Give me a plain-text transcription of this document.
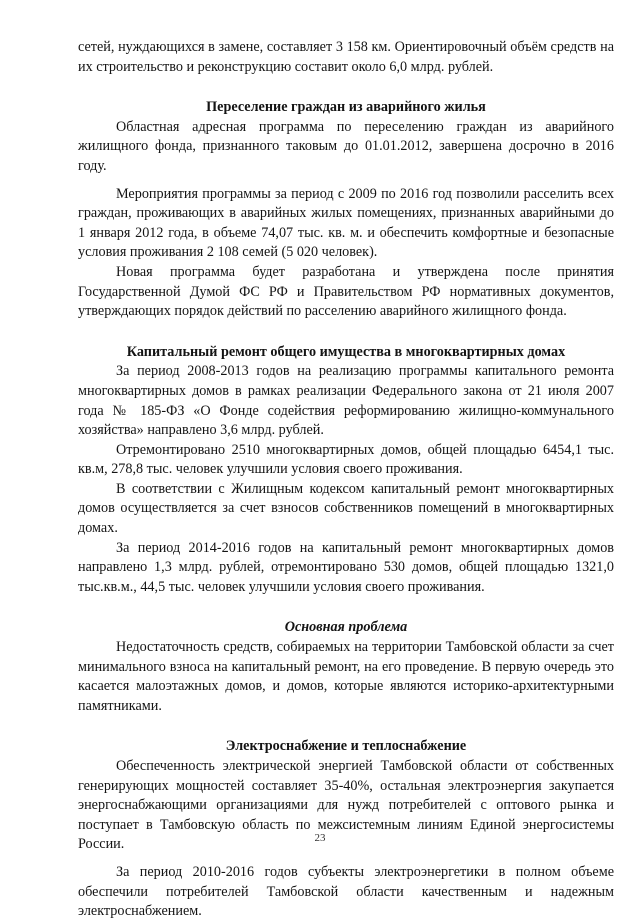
сетей, нуждающихся в замене, составляет 3 158 км. Ориентировочный объём средств на их строительство и реконструкцию составит около 6,0 млрд. рублей.

Переселение граждан из аварийного жилья

Областная адресная программа по переселению граждан из аварийного жилищного фонда, признанного таковым до 01.01.2012, завершена досрочно в 2016 году.

Мероприятия программы за период с 2009 по 2016 год позволили расселить всех граждан, проживающих в аварийных жилых помещениях, признанных аварийными до 1 января 2012 года, в объеме 74,07 тыс. кв. м. и обеспечить комфортные и безопасные условия проживания 2 108 семей (5 020 человек).

Новая программа будет разработана и утверждена после принятия Государственной Думой ФС РФ и Правительством РФ нормативных документов, утверждающих порядок действий по расселению аварийного жилищного фонда.

Капитальный ремонт общего имущества в многоквартирных домах

За период 2008-2013 годов на реализацию программы капитального ремонта многоквартирных домов в рамках реализации Федерального закона от 21 июля 2007 года № 185-ФЗ «О Фонде содействия реформированию жилищно-коммунального хозяйства» направлено 3,6 млрд. рублей.

Отремонтировано 2510 многоквартирных домов, общей площадью 6454,1 тыс. кв.м, 278,8 тыс. человек улучшили условия своего проживания.

В соответствии с Жилищным кодексом капитальный ремонт многоквартирных домов осуществляется за счет взносов собственников помещений в многоквартирных домах.

За период 2014-2016 годов на капитальный ремонт многоквартирных домов направлено 1,3 млрд. рублей, отремонтировано 530 домов, общей площадью 1321,0 тыс.кв.м., 44,5 тыс. человек улучшили условия своего проживания.

Основная проблема

Недостаточность средств, собираемых на территории Тамбовской области за счет минимального взноса на капитальный ремонт, на его проведение. В первую очередь это касается малоэтажных домов, и домов, которые являются историко-архитектурными памятниками.

Электроснабжение и теплоснабжение

Обеспеченность электрической энергией Тамбовской области от собственных генерирующих мощностей составляет 35-40%, остальная электроэнергия закупается энергоснабжающими организациями для нужд потребителей с оптового рынка и поступает в Тамбовскую область по межсистемным линиям Единой энергосистемы России.

За период 2010-2016 годов субъекты электроэнергетики в полном объеме обеспечили потребителей Тамбовской области качественным и надежным электроснабжением.

23
